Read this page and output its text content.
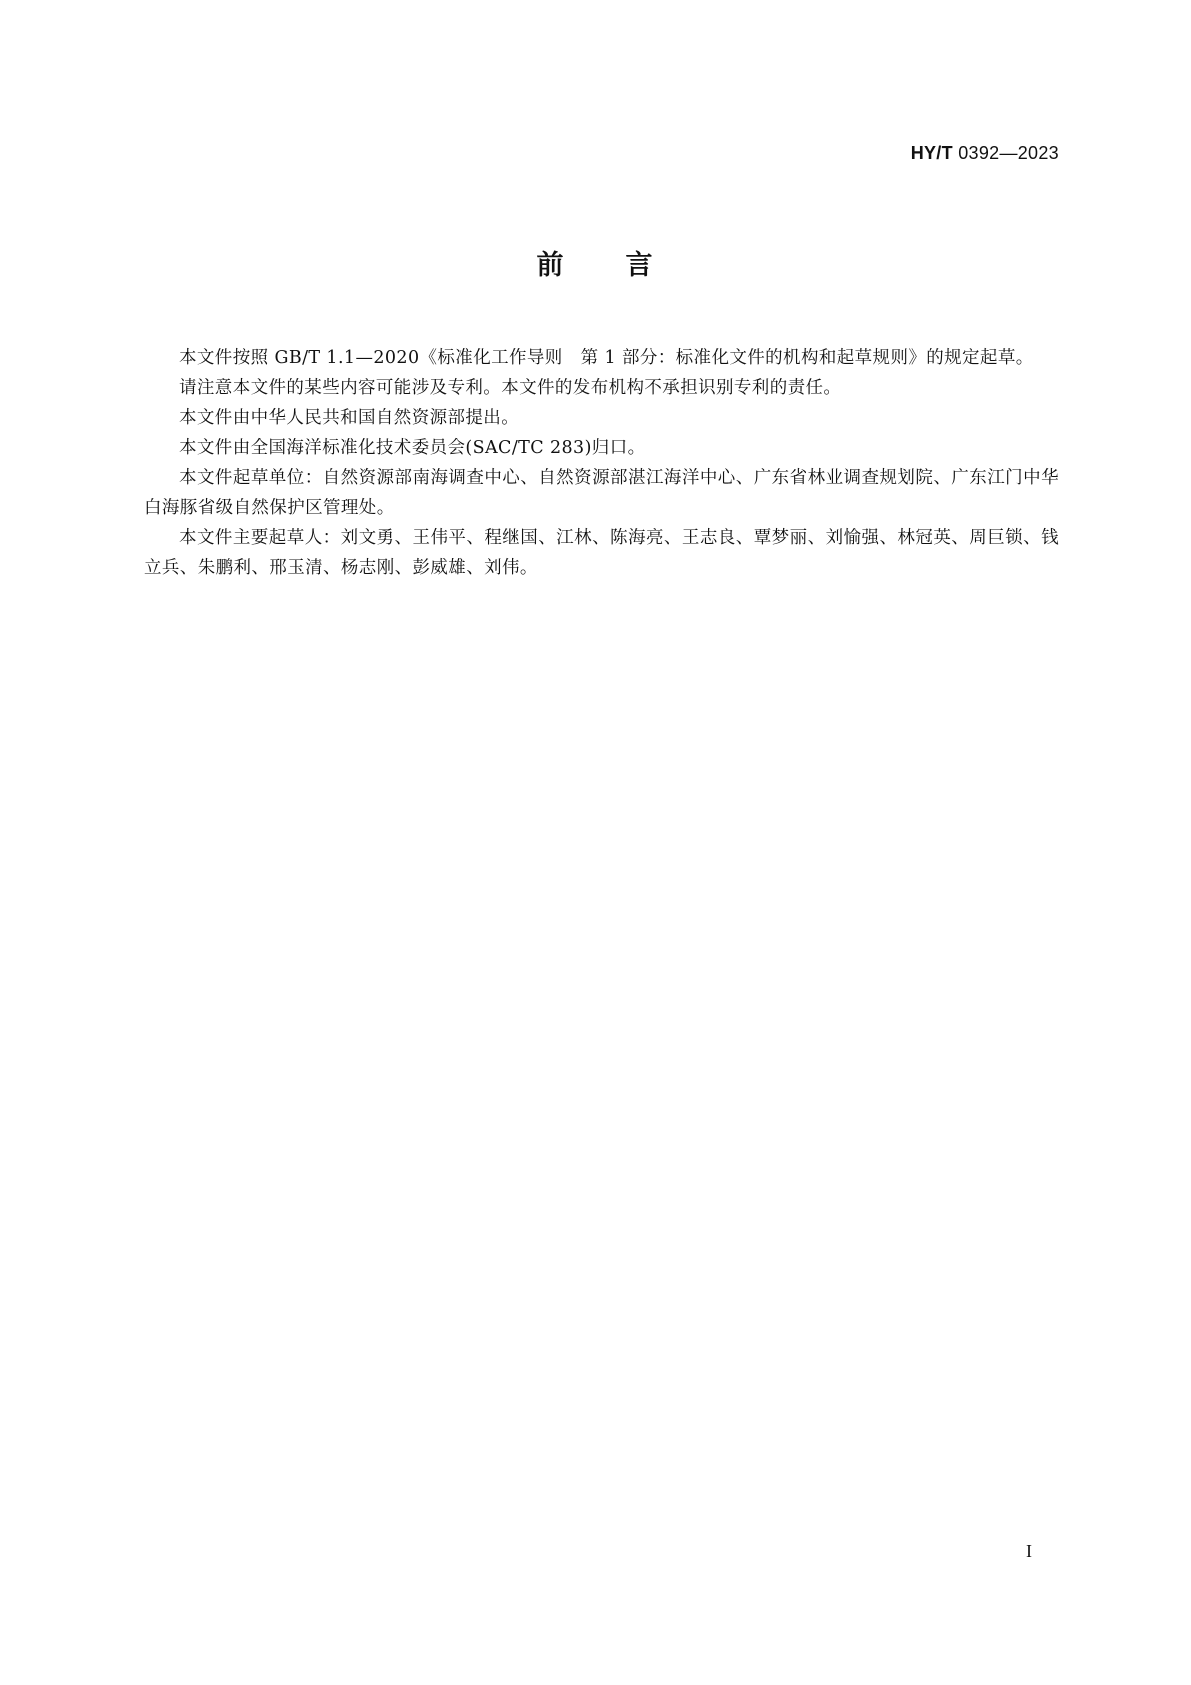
HY/T 0392—2023
前 言

本文件按照 GB/T 1.1—2020《标准化工作导则　第 1 部分：标准化文件的机构和起草规则》的规定起草。

请注意本文件的某些内容可能涉及专利。本文件的发布机构不承担识别专利的责任。

本文件由中华人民共和国自然资源部提出。

本文件由全国海洋标准化技术委员会(SAC/TC 283)归口。

本文件起草单位：自然资源部南海调查中心、自然资源部湛江海洋中心、广东省林业调查规划院、广东江门中华白海豚省级自然保护区管理处。

本文件主要起草人：刘文勇、王伟平、程继国、江林、陈海亮、王志良、覃梦丽、刘愉强、林冠英、周巨锁、钱立兵、朱鹏利、邢玉清、杨志刚、彭威雄、刘伟。

I
